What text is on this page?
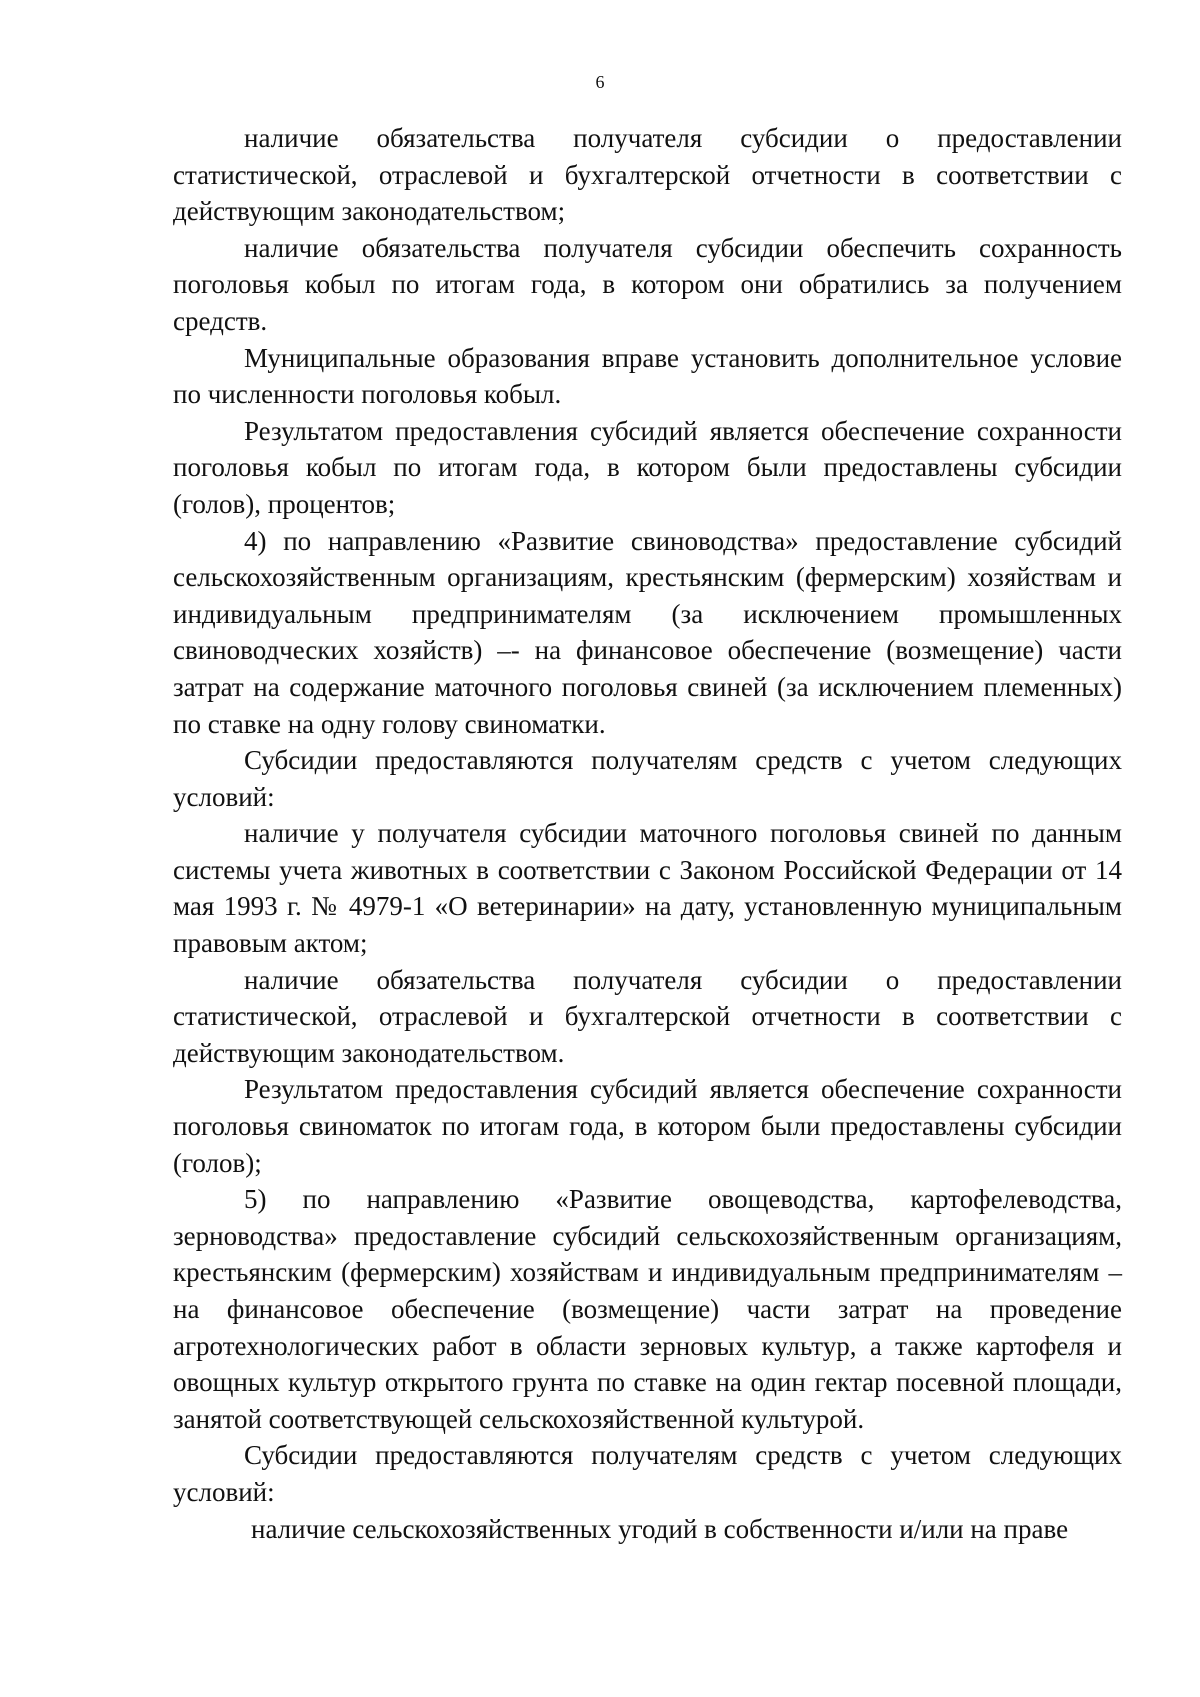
6

наличие обязательства получателя субсидии о предоставлении статистической, отраслевой и бухгалтерской отчетности в соответствии с действующим законодательством;

наличие обязательства получателя субсидии обеспечить сохранность поголовья кобыл по итогам года, в котором они обратились за получением средств.

Муниципальные образования вправе установить дополнительное условие по численности поголовья кобыл.

Результатом предоставления субсидий является обеспечение сохранности поголовья кобыл по итогам года, в котором были предоставлены субсидии (голов), процентов;

4) по направлению «Развитие свиноводства» предоставление субсидий сельскохозяйственным организациям, крестьянским (фермерским) хозяйствам и индивидуальным предпринимателям (за исключением промышленных свиноводческих хозяйств) –- на финансовое обеспечение (возмещение) части затрат на содержание маточного поголовья свиней (за исключением племенных) по ставке на одну голову свиноматки.

Субсидии предоставляются получателям средств с учетом следующих условий:

наличие у получателя субсидии маточного поголовья свиней по данным системы учета животных в соответствии с Законом Российской Федерации от 14 мая 1993 г. № 4979-1 «О ветеринарии» на дату, установленную муниципальным правовым актом;

наличие обязательства получателя субсидии о предоставлении статистической, отраслевой и бухгалтерской отчетности в соответствии с действующим законодательством.

Результатом предоставления субсидий является обеспечение сохранности поголовья свиноматок по итогам года, в котором были предоставлены субсидии (голов);

5) по направлению «Развитие овощеводства, картофелеводства, зерноводства» предоставление субсидий сельскохозяйственным организациям, крестьянским (фермерским) хозяйствам и индивидуальным предпринимателям – на финансовое обеспечение (возмещение) части затрат на проведение агротехнологических работ в области зерновых культур, а также картофеля и овощных культур открытого грунта по ставке на один гектар посевной площади, занятой соответствующей сельскохозяйственной культурой.

Субсидии предоставляются получателям средств с учетом следующих условий:

наличие сельскохозяйственных угодий в собственности и/или на праве
